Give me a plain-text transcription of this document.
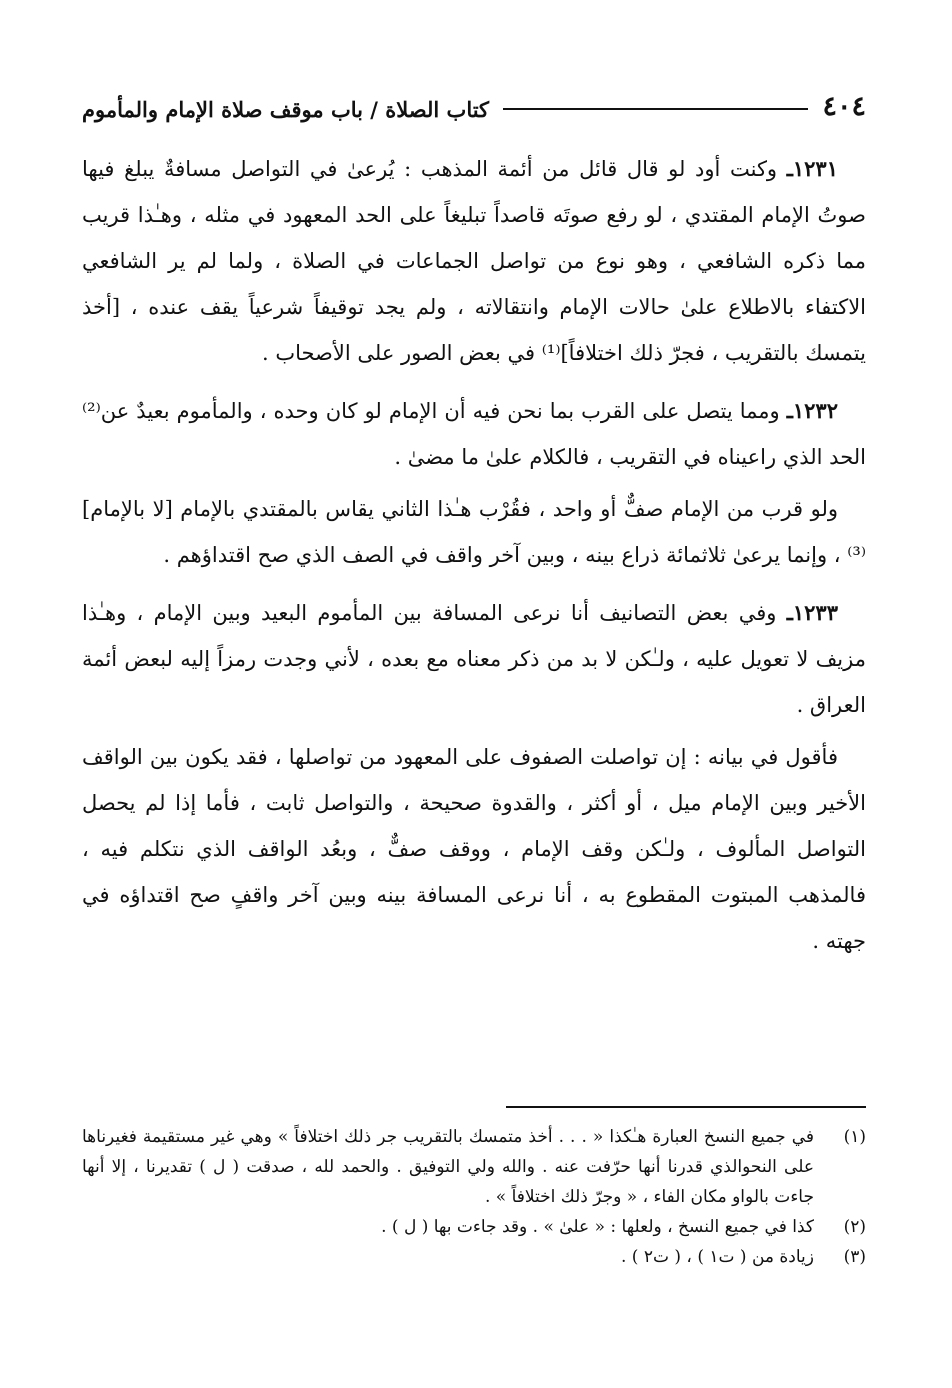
٤٠٤
كتاب الصلاة / باب موقف صلاة الإمام والمأموم

١٢٣١ـ وكنت أود لو قال قائل من أئمة المذهب : يُرعىٰ في التواصل مسافةٌ يبلغ فيها صوتُ الإمام المقتدي ، لو رفع صوتَه قاصداً تبليغاً على الحد المعهود في مثله ، وهـٰذا قريب مما ذكره الشافعي ، وهو نوع من تواصل الجماعات في الصلاة ، ولما لم ير الشافعي الاكتفاء بالاطلاع علىٰ حالات الإمام وانتقالاته ، ولم يجد توقيفاً شرعياً يقف عنده ، [أخذ يتمسك بالتقريب ، فجرّ ذلك اختلافاً]⁽¹⁾ في بعض الصور على الأصحاب .

١٢٣٢ـ ومما يتصل على القرب بما نحن فيه أن الإمام لو كان وحده ، والمأموم بعيدٌ عن⁽²⁾ الحد الذي راعيناه في التقريب ، فالكلام علىٰ ما مضىٰ .

ولو قرب من الإمام صفٌّ أو واحد ، فقُرْب هـٰذا الثاني يقاس بالمقتدي بالإمام [لا بالإمام]⁽³⁾ ، وإنما يرعىٰ ثلاثمائة ذراع بينه ، وبين آخر واقف في الصف الذي صح اقتداؤهم .

١٢٣٣ـ وفي بعض التصانيف أنا نرعى المسافة بين المأموم البعيد وبين الإمام ، وهـٰذا مزيف لا تعويل عليه ، ولـٰكن لا بد من ذكر معناه مع بعده ، لأني وجدت رمزاً إليه لبعض أئمة العراق .

فأقول في بيانه : إن تواصلت الصفوف على المعهود من تواصلها ، فقد يكون بين الواقف الأخير وبين الإمام ميل ، أو أكثر ، والقدوة صحيحة ، والتواصل ثابت ، فأما إذا لم يحصل التواصل المألوف ، ولـٰكن وقف الإمام ، ووقف صفٌّ ، وبعُد الواقف الذي نتكلم فيه ، فالمذهب المبتوت المقطوع به ، أنا نرعى المسافة بينه وبين آخر واقفٍ صح اقتداؤه في جهته .

(١)
في جميع النسخ العبارة هـٰكذا « . . . أخذ متمسك بالتقريب جر ذلك اختلافاً » وهي غير مستقيمة فغيرناها على النحوالذي قدرنا أنها حرّفت عنه . والله ولي التوفيق . والحمد لله ، صدقت ( ل ) تقديرنا ، إلا أنها جاءت بالواو مكان الفاء ، « وجرّ ذلك اختلافاً » .
(٢)
كذا في جميع النسخ ، ولعلها : « علىٰ » . وقد جاءت بها ( ل ) .
(٣)
زيادة من ( ت١ ) ، ( ت٢ ) .
